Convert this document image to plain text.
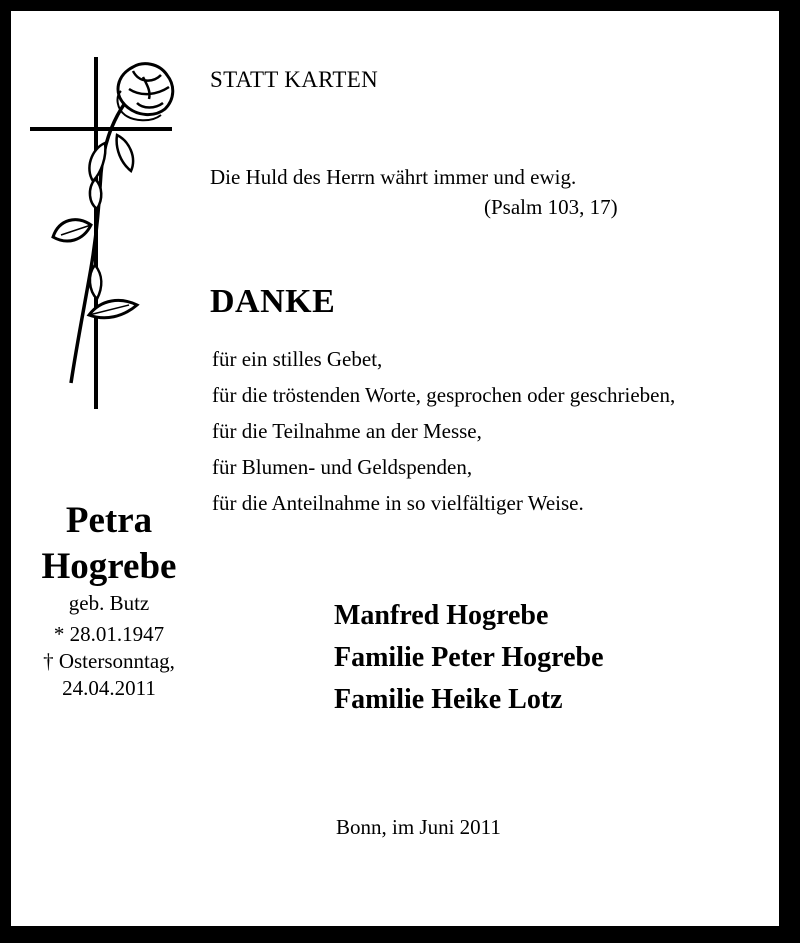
STATT KARTEN
Die Huld des Herrn währt immer und ewig.
(Psalm 103, 17)
DANKE
für ein stilles Gebet,
für die tröstenden Worte, gesprochen oder geschrieben,
für die Teilnahme an der Messe,
für Blumen- und Geldspenden,
für die Anteilnahme in so vielfältiger Weise.
Petra
Hogrebe
geb. Butz
* 28.01.1947
† Ostersonntag,
24.04.2011
Manfred Hogrebe
Familie Peter Hogrebe
Familie Heike Lotz
Bonn, im Juni 2011
